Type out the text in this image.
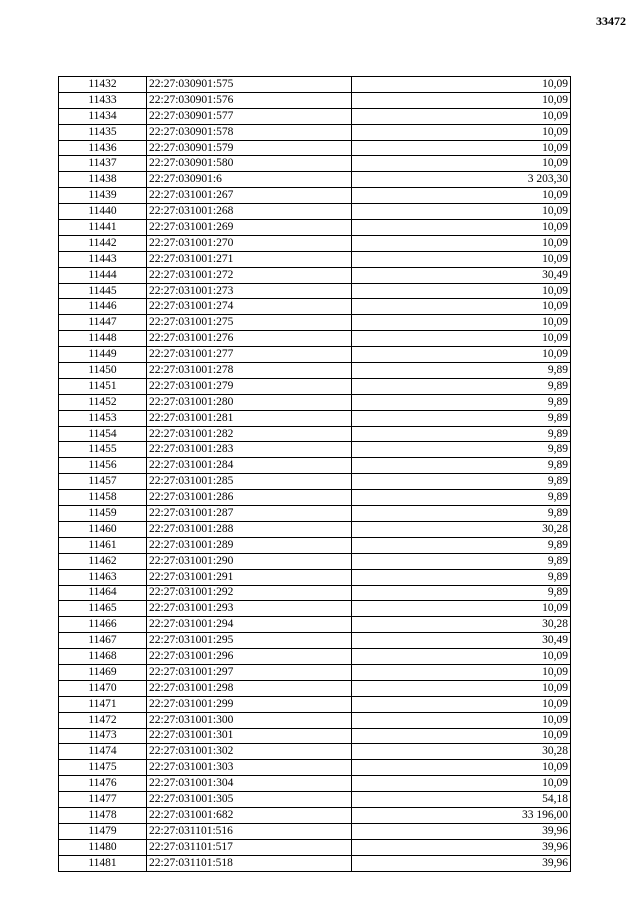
33472
11432	22:27:030901:575	10,09
11433	22:27:030901:576	10,09
11434	22:27:030901:577	10,09
11435	22:27:030901:578	10,09
11436	22:27:030901:579	10,09
11437	22:27:030901:580	10,09
11438	22:27:030901:6	3 203,30
11439	22:27:031001:267	10,09
11440	22:27:031001:268	10,09
11441	22:27:031001:269	10,09
11442	22:27:031001:270	10,09
11443	22:27:031001:271	10,09
11444	22:27:031001:272	30,49
11445	22:27:031001:273	10,09
11446	22:27:031001:274	10,09
11447	22:27:031001:275	10,09
11448	22:27:031001:276	10,09
11449	22:27:031001:277	10,09
11450	22:27:031001:278	9,89
11451	22:27:031001:279	9,89
11452	22:27:031001:280	9,89
11453	22:27:031001:281	9,89
11454	22:27:031001:282	9,89
11455	22:27:031001:283	9,89
11456	22:27:031001:284	9,89
11457	22:27:031001:285	9,89
11458	22:27:031001:286	9,89
11459	22:27:031001:287	9,89
11460	22:27:031001:288	30,28
11461	22:27:031001:289	9,89
11462	22:27:031001:290	9,89
11463	22:27:031001:291	9,89
11464	22:27:031001:292	9,89
11465	22:27:031001:293	10,09
11466	22:27:031001:294	30,28
11467	22:27:031001:295	30,49
11468	22:27:031001:296	10,09
11469	22:27:031001:297	10,09
11470	22:27:031001:298	10,09
11471	22:27:031001:299	10,09
11472	22:27:031001:300	10,09
11473	22:27:031001:301	10,09
11474	22:27:031001:302	30,28
11475	22:27:031001:303	10,09
11476	22:27:031001:304	10,09
11477	22:27:031001:305	54,18
11478	22:27:031001:682	33 196,00
11479	22:27:031101:516	39,96
11480	22:27:031101:517	39,96
11481	22:27:031101:518	39,96
